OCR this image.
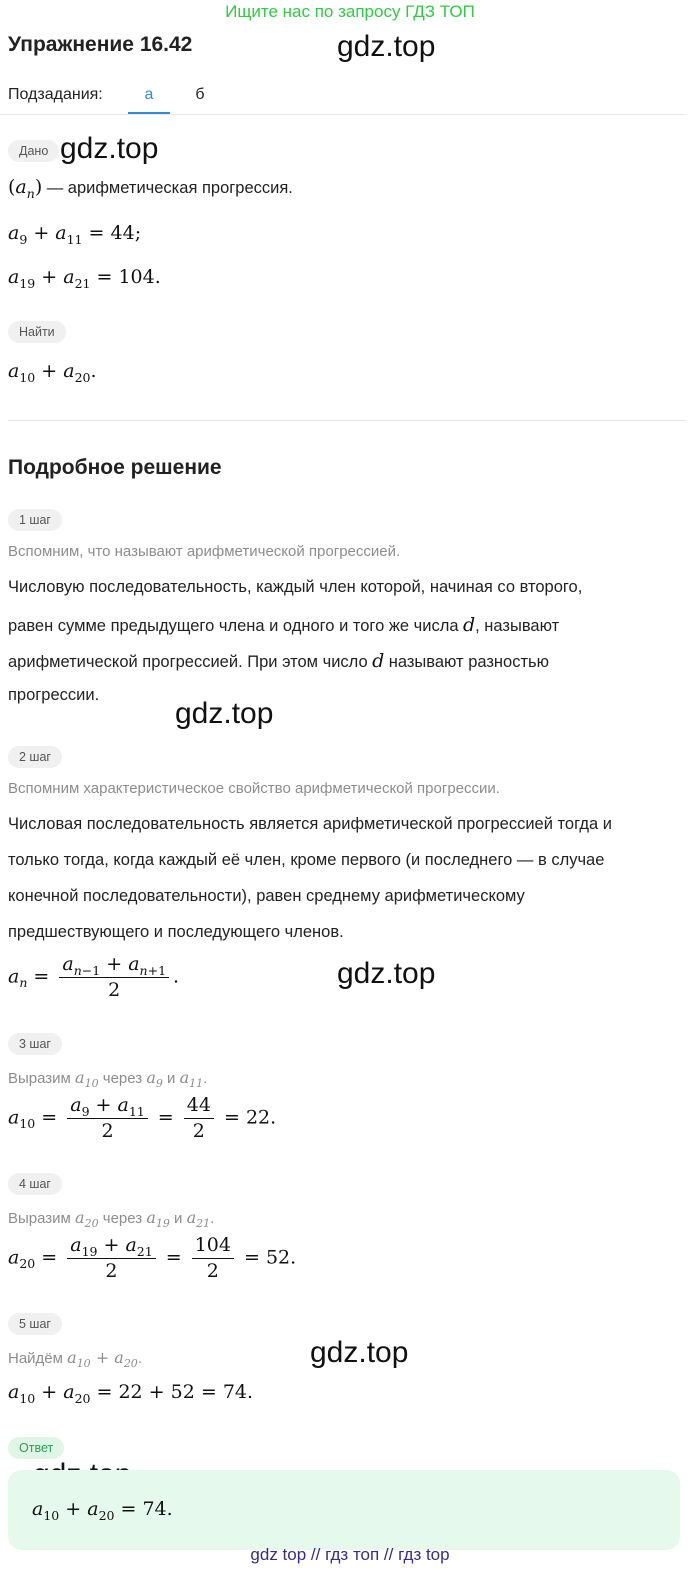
Ищите нас по запросу ГДЗ ТОП
Упражнение 16.42	gdz.top
gdz.top
gdz.top
gdz.top
gdz.top
Подзадания:	а	б
Дано
$(a_n)$ — арифметическая прогрессия.
$a_9 + a_{11} = 44$;
$a_{19} + a_{21} = 104$.
Найти
$a_{10} + a_{20}$.
Подробное решение
1 шаг
Вспомним, что называют арифметической прогрессией.
Числовую последовательность, каждый член которой, начиная со второго,
равен сумме предыдущего члена и одного и того же числа d, называют
арифметической прогрессией. При этом число d называют разностью
прогрессии.
2 шаг
Вспомним характеристическое свойство арифметической прогрессии.
Числовая последовательность является арифметической прогрессией тогда и
только тогда, когда каждый её член, кроме первого (и последнего — в случае
конечной последовательности), равен среднему арифметическому
предшествующего и последующего членов.
$a_n = \frac{a_{n-1} + a_{n+1}}{2}$ .
3 шаг
Выразим $a_{10}$ через $a_9$ и $a_{11}$.
$a_{10} = \frac{a_9 + a_{11}}{2} = \frac{44}{2} = 22$.
4 шаг
Выразим $a_{20}$ через $a_{19}$ и $a_{21}$.
$a_{20} = \frac{a_{19} + a_{21}}{2} = \frac{104}{2} = 52$.
5 шаг
Найдём $a_{10} + a_{20}$.
$a_{10} + a_{20} = 22 + 52 = 74$.
Ответ
$a_{10} + a_{20} = 74$.
gdz top // гдз топ // гдз top
